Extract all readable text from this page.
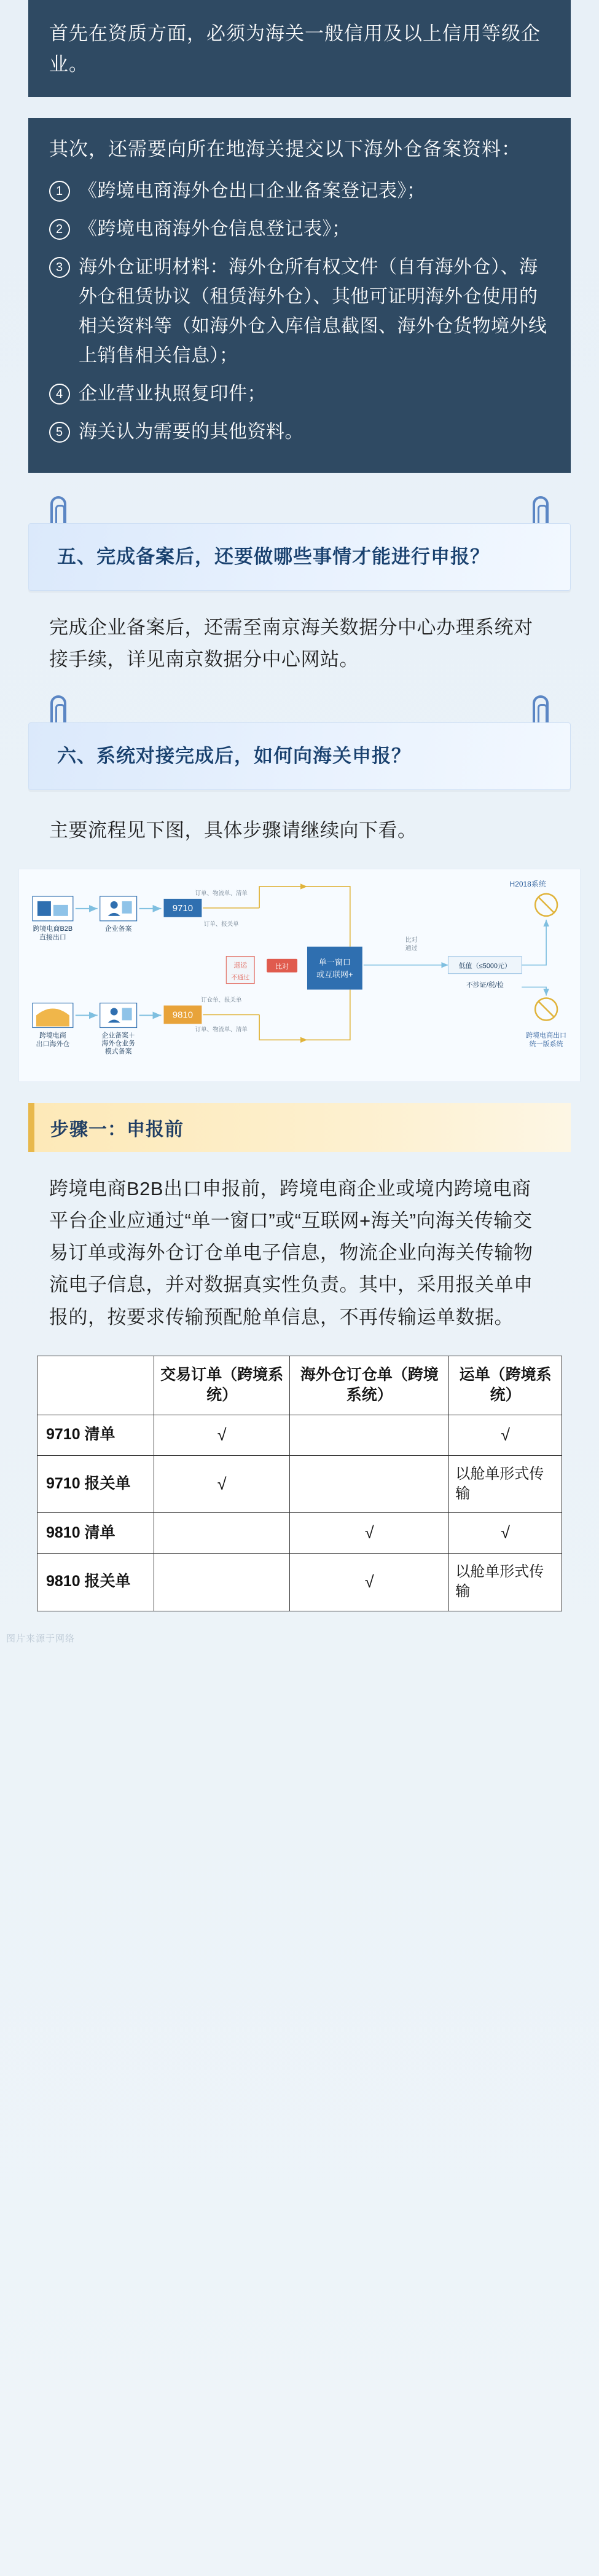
首先在资质方面，必须为海关一般信用及以上信用等级企业。

其次，还需要向所在地海关提交以下海外仓备案资料：

1 《跨境电商海外仓出口企业备案登记表》；
2 《跨境电商海外仓信息登记表》；
3 海外仓证明材料：海外仓所有权文件（自有海外仓）、海外仓租赁协议（租赁海外仓）、其他可证明海外仓使用的相关资料等（如海外仓入库信息截图、海外仓货物境外线上销售相关信息）；
4 企业营业执照复印件；
5 海关认为需要的其他资料。
五、完成备案后，还要做哪些事情才能进行申报？
完成企业备案后，还需至南京海关数据分中心办理系统对接手续，详见南京数据分中心网站。
六、系统对接完成后，如何向海关申报？
主要流程见下图，具体步骤请继续向下看。
H2018系统
跨境电商B2B
直接出口
企业备案
9710
订单、物流单、清单
订单、报关单
跨境电商
出口海外仓
企业备案＋
海外仓业务
模式备案
9810
订仓单、报关单
订单、物流单、清单
单一窗口
或互联网+
比对
退运
不通过
比对
通过
低值（≤5000元）
不涉证/税/检
跨境电商出口
统一版系统
步骤一：申报前
跨境电商B2B出口申报前，跨境电商企业或境内跨境电商平台企业应通过“单一窗口”或“互联网+海关”向海关传输交易订单或海外仓订仓单电子信息，物流企业向海关传输物流电子信息，并对数据真实性负责。其中，采用报关单申报的，按要求传输预配舱单信息，不再传输运单数据。
	交易订单（跨境系统）	海外仓订仓单（跨境系统）	运单（跨境系统）
9710 清单	√		√
9710 报关单	√		以舱单形式传输
9810 清单		√	√
9810 报关单		√	以舱单形式传输
图片来源于网络
